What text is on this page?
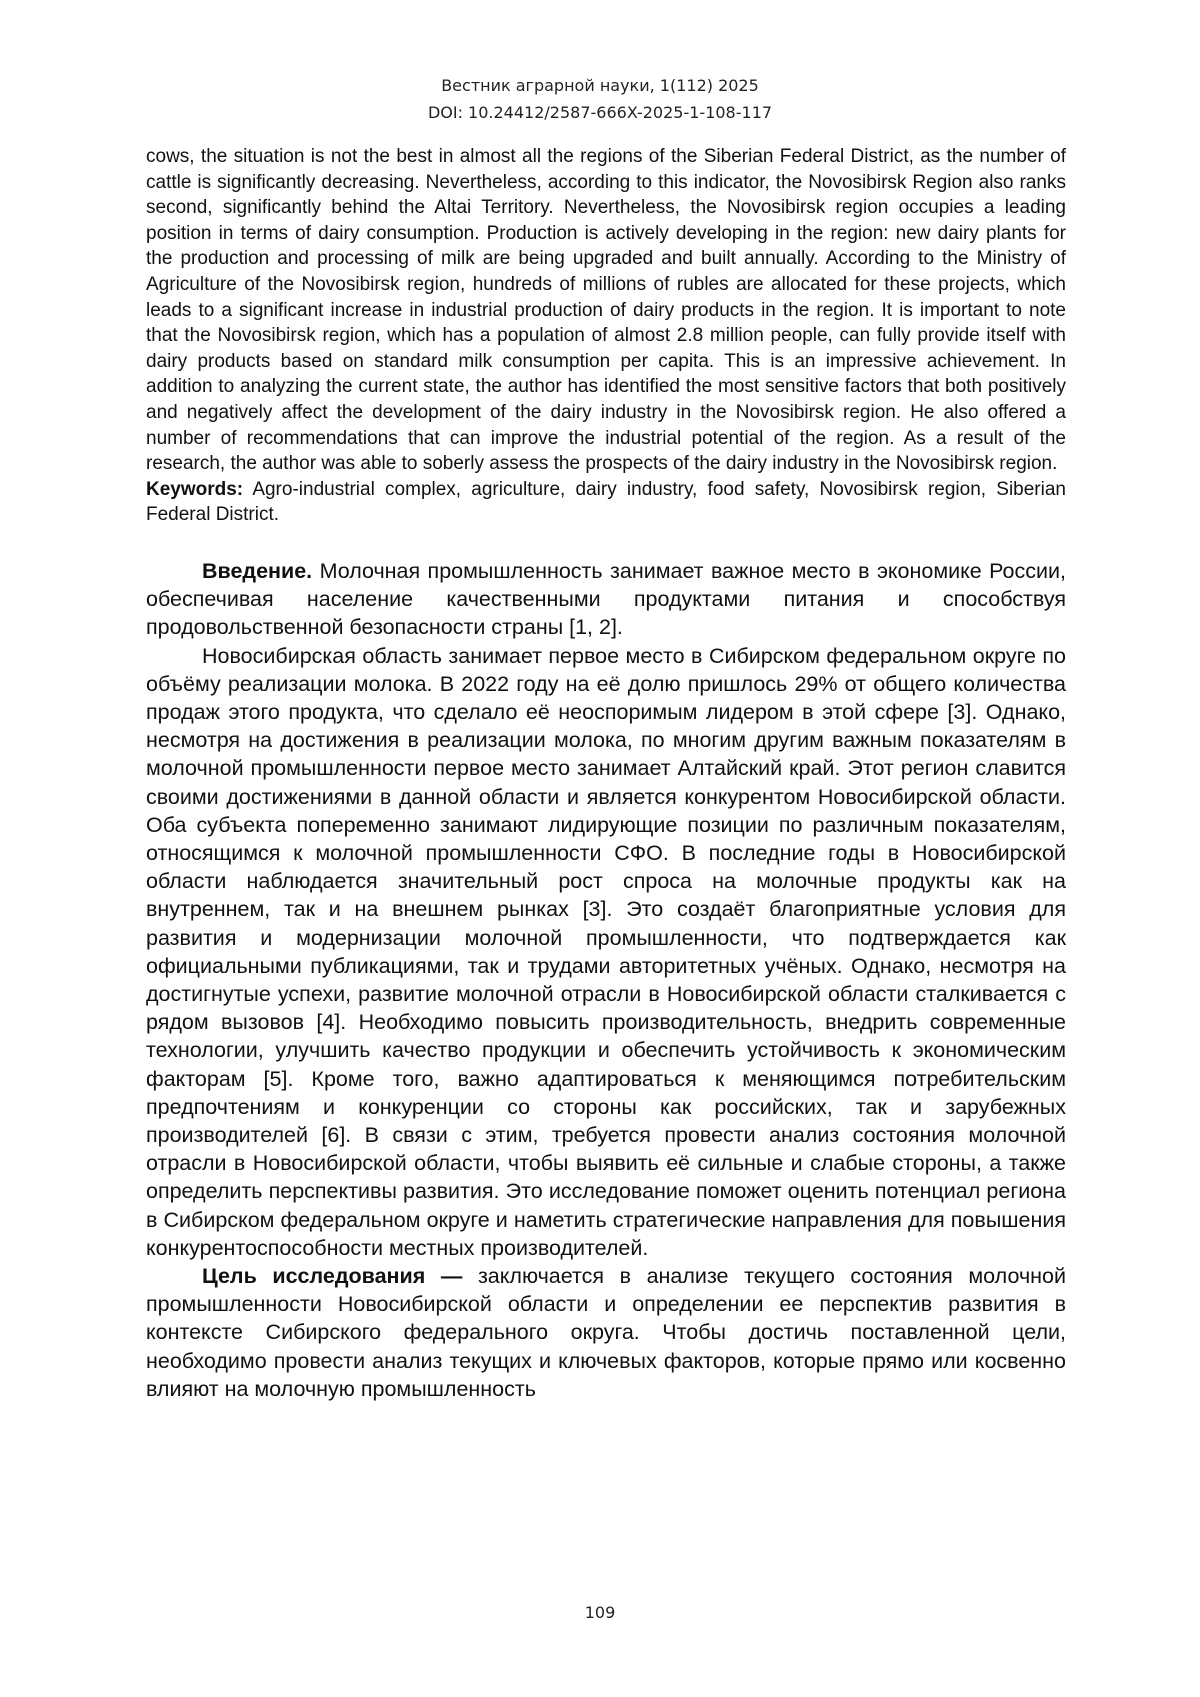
Вестник аграрной науки, 1(112) 2025
DOI: 10.24412/2587-666X-2025-1-108-117

cows, the situation is not the best in almost all the regions of the Siberian Federal District, as the number of cattle is significantly decreasing. Nevertheless, according to this indicator, the Novosibirsk Region also ranks second, significantly behind the Altai Territory. Nevertheless, the Novosibirsk region occupies a leading position in terms of dairy consumption. Production is actively developing in the region: new dairy plants for the production and processing of milk are being upgraded and built annually. According to the Ministry of Agriculture of the Novosibirsk region, hundreds of millions of rubles are allocated for these projects, which leads to a significant increase in industrial production of dairy products in the region. It is important to note that the Novosibirsk region, which has a population of almost 2.8 million people, can fully provide itself with dairy products based on standard milk consumption per capita. This is an impressive achievement. In addition to analyzing the current state, the author has identified the most sensitive factors that both positively and negatively affect the development of the dairy industry in the Novosibirsk region. He also offered a number of recommendations that can improve the industrial potential of the region. As a result of the research, the author was able to soberly assess the prospects of the dairy industry in the Novosibirsk region.

Keywords: Agro-industrial complex, agriculture, dairy industry, food safety, Novosibirsk region, Siberian Federal District.

Введение. Молочная промышленность занимает важное место в экономике России, обеспечивая население качественными продуктами питания и способствуя продовольственной безопасности страны [1, 2].

Новосибирская область занимает первое место в Сибирском федеральном округе по объёму реализации молока. В 2022 году на её долю пришлось 29% от общего количества продаж этого продукта, что сделало её неоспоримым лидером в этой сфере [3]. Однако, несмотря на достижения в реализации молока, по многим другим важным показателям в молочной промышленности первое место занимает Алтайский край. Этот регион славится своими достижениями в данной области и является конкурентом Новосибирской области. Оба субъекта попеременно занимают лидирующие позиции по различным показателям, относящимся к молочной промышленности СФО. В последние годы в Новосибирской области наблюдается значительный рост спроса на молочные продукты как на внутреннем, так и на внешнем рынках [3]. Это создаёт благоприятные условия для развития и модернизации молочной промышленности, что подтверждается как официальными публикациями, так и трудами авторитетных учёных. Однако, несмотря на достигнутые успехи, развитие молочной отрасли в Новосибирской области сталкивается с рядом вызовов [4]. Необходимо повысить производительность, внедрить современные технологии, улучшить качество продукции и обеспечить устойчивость к экономическим факторам [5]. Кроме того, важно адаптироваться к меняющимся потребительским предпочтениям и конкуренции со стороны как российских, так и зарубежных производителей [6]. В связи с этим, требуется провести анализ состояния молочной отрасли в Новосибирской области, чтобы выявить её сильные и слабые стороны, а также определить перспективы развития. Это исследование поможет оценить потенциал региона в Сибирском федеральном округе и наметить стратегические направления для повышения конкурентоспособности местных производителей.

Цель исследования — заключается в анализе текущего состояния молочной промышленности Новосибирской области и определении ее перспектив развития в контексте Сибирского федерального округа. Чтобы достичь поставленной цели, необходимо провести анализ текущих и ключевых факторов, которые прямо или косвенно влияют на молочную промышленность

109
